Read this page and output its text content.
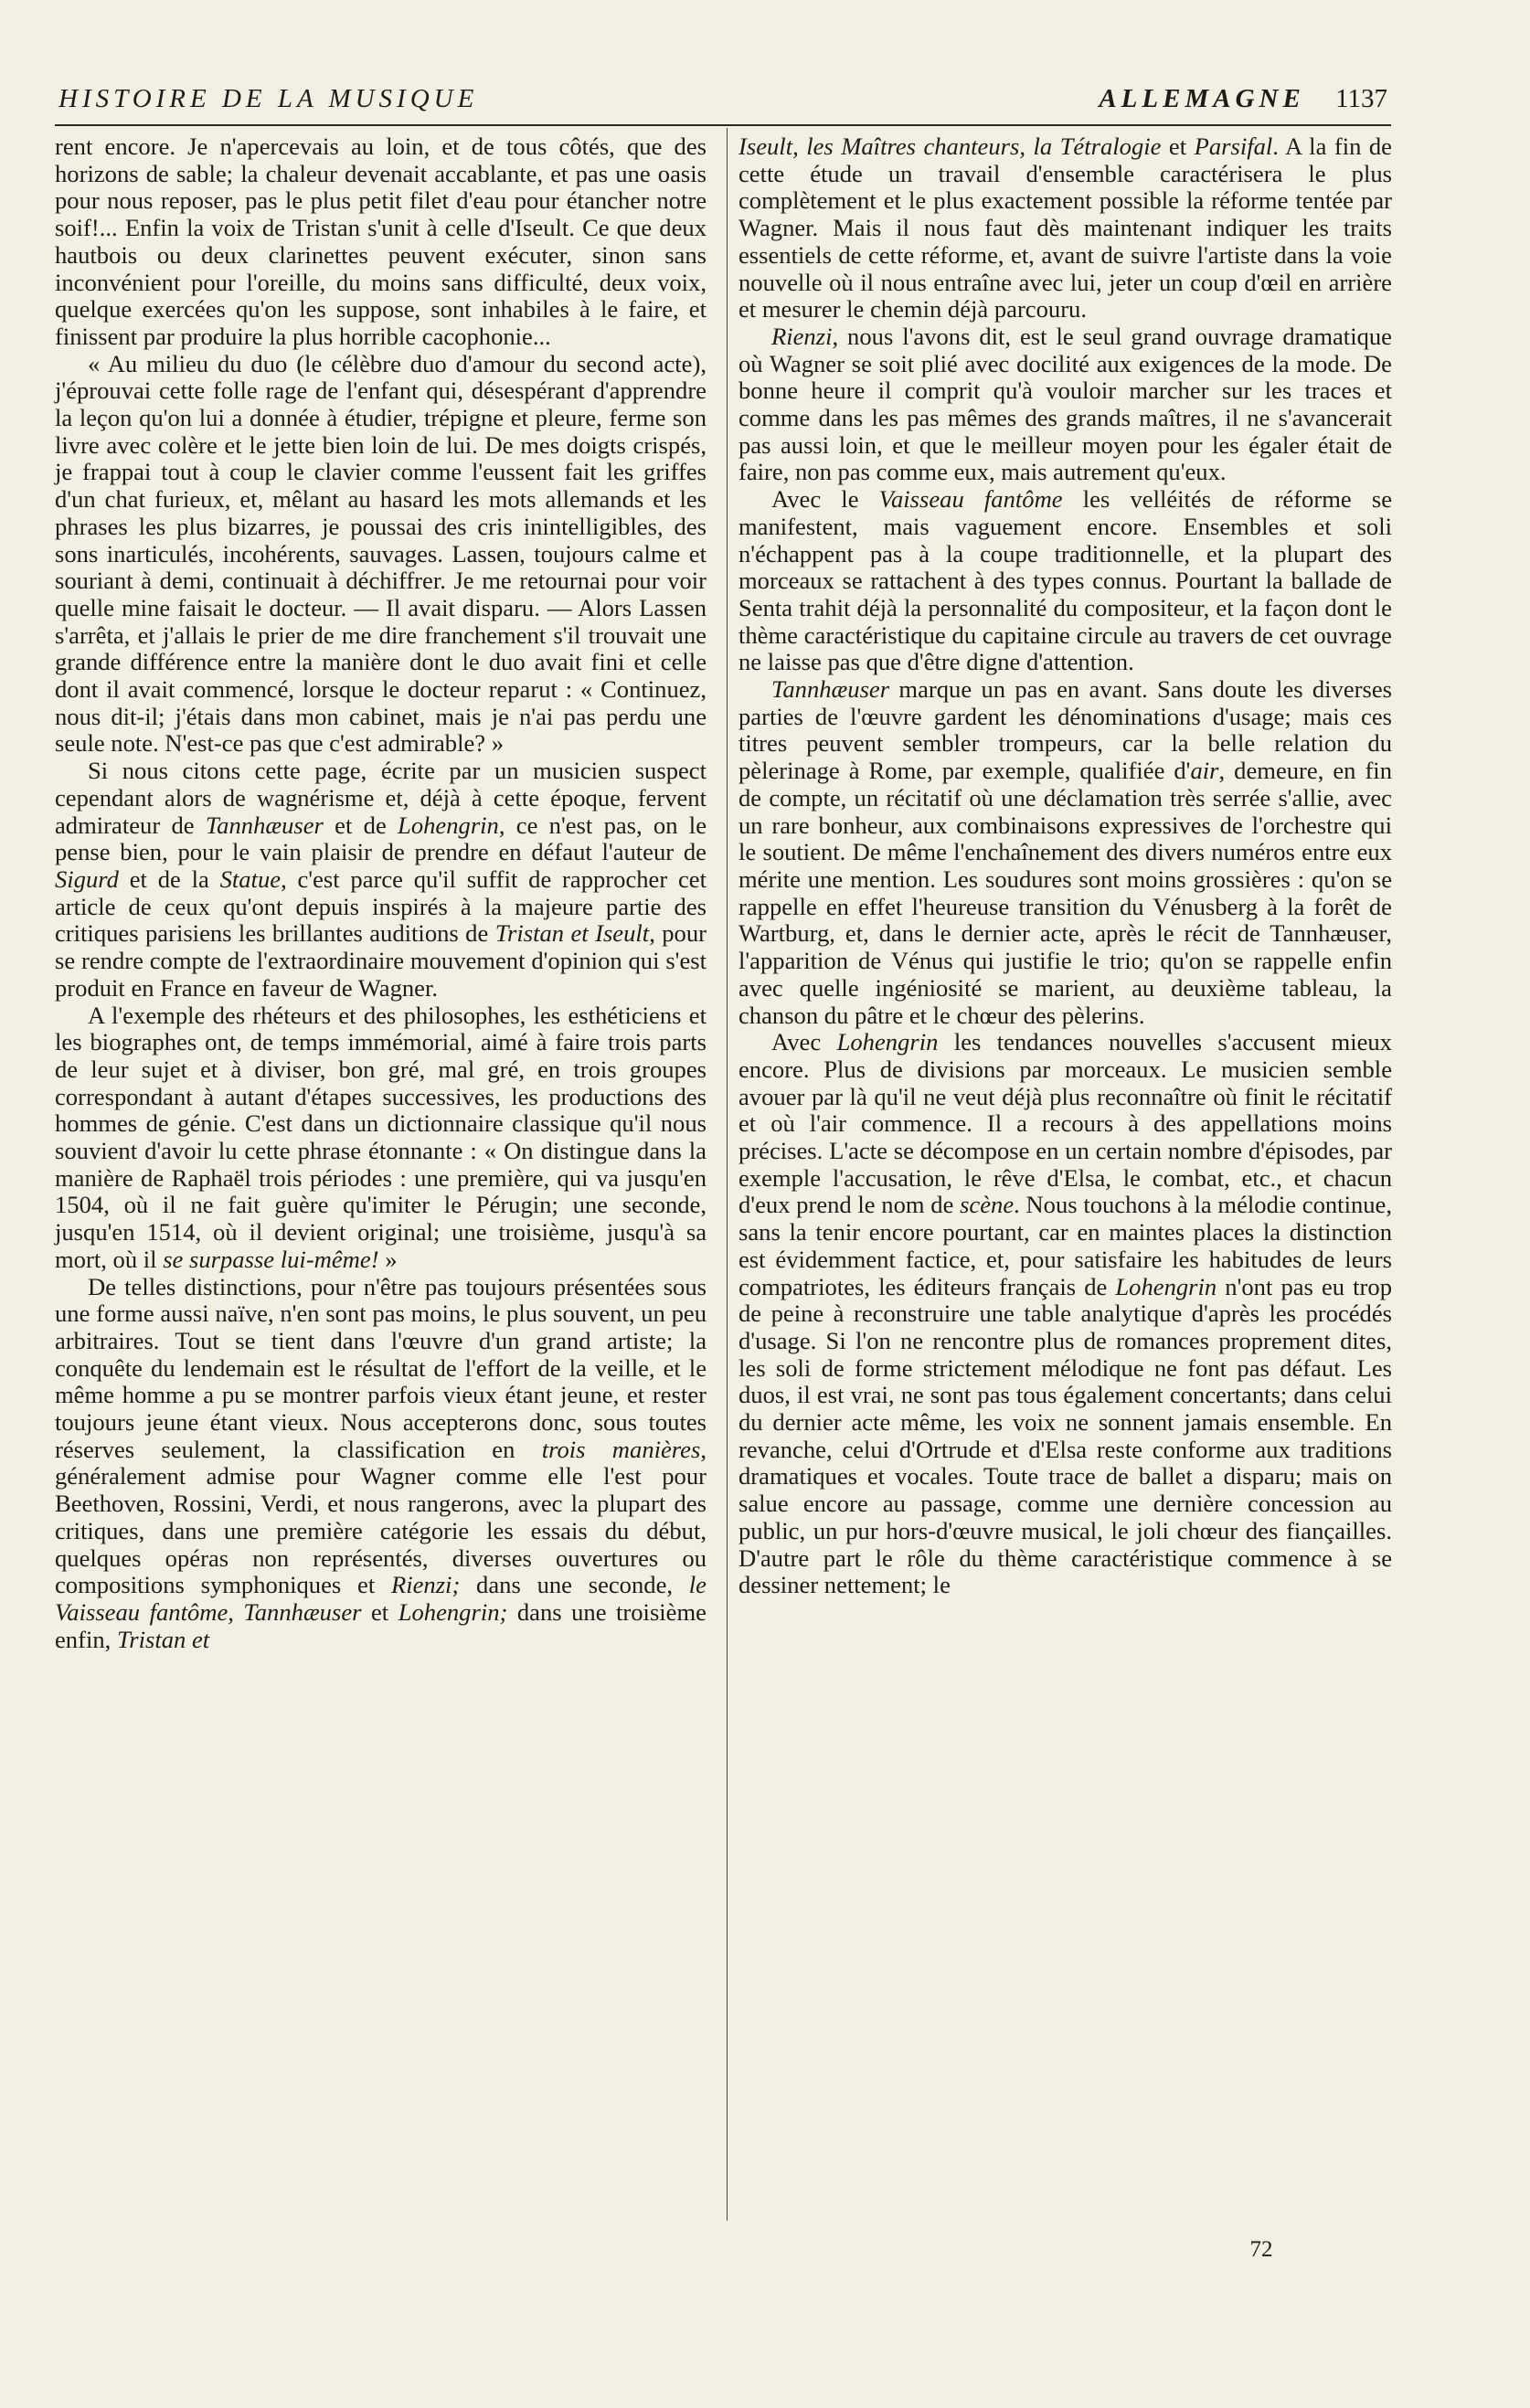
HISTOIRE DE LA MUSIQUE	ALLEMAGNE 1137

rent encore. Je n'apercevais au loin, et de tous côtés, que des horizons de sable; la chaleur devenait accablante, et pas une oasis pour nous reposer, pas le plus petit filet d'eau pour étancher notre soif!... Enfin la voix de Tristan s'unit à celle d'Iseult. Ce que deux hautbois ou deux clarinettes peuvent exécuter, sinon sans inconvénient pour l'oreille, du moins sans difficulté, deux voix, quelque exercées qu'on les suppose, sont inhabiles à le faire, et finissent par produire la plus horrible cacophonie...

« Au milieu du duo (le célèbre duo d'amour du second acte), j'éprouvai cette folle rage de l'enfant qui, désespérant d'apprendre la leçon qu'on lui a donnée à étudier, trépigne et pleure, ferme son livre avec colère et le jette bien loin de lui. De mes doigts crispés, je frappai tout à coup le clavier comme l'eussent fait les griffes d'un chat furieux, et, mêlant au hasard les mots allemands et les phrases les plus bizarres, je poussai des cris inintelligibles, des sons inarticulés, incohérents, sauvages. Lassen, toujours calme et souriant à demi, continuait à déchiffrer. Je me retournai pour voir quelle mine faisait le docteur. — Il avait disparu. — Alors Lassen s'arrêta, et j'allais le prier de me dire franchement s'il trouvait une grande différence entre la manière dont le duo avait fini et celle dont il avait commencé, lorsque le docteur reparut : « Continuez, nous dit-il; j'étais dans mon cabinet, mais je n'ai pas perdu une seule note. N'est-ce pas que c'est admirable? »

Si nous citons cette page, écrite par un musicien suspect cependant alors de wagnérisme et, déjà à cette époque, fervent admirateur de Tannhæuser et de Lohengrin, ce n'est pas, on le pense bien, pour le vain plaisir de prendre en défaut l'auteur de Sigurd et de la Statue, c'est parce qu'il suffit de rapprocher cet article de ceux qu'ont depuis inspirés à la majeure partie des critiques parisiens les brillantes auditions de Tristan et Iseult, pour se rendre compte de l'extraordinaire mouvement d'opinion qui s'est produit en France en faveur de Wagner.

A l'exemple des rhéteurs et des philosophes, les esthéticiens et les biographes ont, de temps immémorial, aimé à faire trois parts de leur sujet et à diviser, bon gré, mal gré, en trois groupes correspondant à autant d'étapes successives, les productions des hommes de génie. C'est dans un dictionnaire classique qu'il nous souvient d'avoir lu cette phrase étonnante : « On distingue dans la manière de Raphaël trois périodes : une première, qui va jusqu'en 1504, où il ne fait guère qu'imiter le Pérugin; une seconde, jusqu'en 1514, où il devient original; une troisième, jusqu'à sa mort, où il se surpasse lui-même! »

De telles distinctions, pour n'être pas toujours présentées sous une forme aussi naïve, n'en sont pas moins, le plus souvent, un peu arbitraires. Tout se tient dans l'œuvre d'un grand artiste; la conquête du lendemain est le résultat de l'effort de la veille, et le même homme a pu se montrer parfois vieux étant jeune, et rester toujours jeune étant vieux. Nous accepterons donc, sous toutes réserves seulement, la classification en trois manières, généralement admise pour Wagner comme elle l'est pour Beethoven, Rossini, Verdi, et nous rangerons, avec la plupart des critiques, dans une première catégorie les essais du début, quelques opéras non représentés, diverses ouvertures ou compositions symphoniques et Rienzi; dans une seconde, le Vaisseau fantôme, Tannhæuser et Lohengrin; dans une troisième enfin, Tristan et

Iseult, les Maîtres chanteurs, la Tétralogie et Parsifal. A la fin de cette étude un travail d'ensemble caractérisera le plus complètement et le plus exactement possible la réforme tentée par Wagner. Mais il nous faut dès maintenant indiquer les traits essentiels de cette réforme, et, avant de suivre l'artiste dans la voie nouvelle où il nous entraîne avec lui, jeter un coup d'œil en arrière et mesurer le chemin déjà parcouru.

Rienzi, nous l'avons dit, est le seul grand ouvrage dramatique où Wagner se soit plié avec docilité aux exigences de la mode. De bonne heure il comprit qu'à vouloir marcher sur les traces et comme dans les pas mêmes des grands maîtres, il ne s'avancerait pas aussi loin, et que le meilleur moyen pour les égaler était de faire, non pas comme eux, mais autrement qu'eux.

Avec le Vaisseau fantôme les velléités de réforme se manifestent, mais vaguement encore. Ensembles et soli n'échappent pas à la coupe traditionnelle, et la plupart des morceaux se rattachent à des types connus. Pourtant la ballade de Senta trahit déjà la personnalité du compositeur, et la façon dont le thème caractéristique du capitaine circule au travers de cet ouvrage ne laisse pas que d'être digne d'attention.

Tannhæuser marque un pas en avant. Sans doute les diverses parties de l'œuvre gardent les dénominations d'usage; mais ces titres peuvent sembler trompeurs, car la belle relation du pèlerinage à Rome, par exemple, qualifiée d'air, demeure, en fin de compte, un récitatif où une déclamation très serrée s'allie, avec un rare bonheur, aux combinaisons expressives de l'orchestre qui le soutient. De même l'enchaînement des divers numéros entre eux mérite une mention. Les soudures sont moins grossières : qu'on se rappelle en effet l'heureuse transition du Vénusberg à la forêt de Wartburg, et, dans le dernier acte, après le récit de Tannhæuser, l'apparition de Vénus qui justifie le trio; qu'on se rappelle enfin avec quelle ingéniosité se marient, au deuxième tableau, la chanson du pâtre et le chœur des pèlerins.

Avec Lohengrin les tendances nouvelles s'accusent mieux encore. Plus de divisions par morceaux. Le musicien semble avouer par là qu'il ne veut déjà plus reconnaître où finit le récitatif et où l'air commence. Il a recours à des appellations moins précises. L'acte se décompose en un certain nombre d'épisodes, par exemple l'accusation, le rêve d'Elsa, le combat, etc., et chacun d'eux prend le nom de scène. Nous touchons à la mélodie continue, sans la tenir encore pourtant, car en maintes places la distinction est évidemment factice, et, pour satisfaire les habitudes de leurs compatriotes, les éditeurs français de Lohengrin n'ont pas eu trop de peine à reconstruire une table analytique d'après les procédés d'usage. Si l'on ne rencontre plus de romances proprement dites, les soli de forme strictement mélodique ne font pas défaut. Les duos, il est vrai, ne sont pas tous également concertants; dans celui du dernier acte même, les voix ne sonnent jamais ensemble. En revanche, celui d'Ortrude et d'Elsa reste conforme aux traditions dramatiques et vocales. Toute trace de ballet a disparu; mais on salue encore au passage, comme une dernière concession au public, un pur hors-d'œuvre musical, le joli chœur des fiançailles. D'autre part le rôle du thème caractéristique commence à se dessiner nettement; le

72
